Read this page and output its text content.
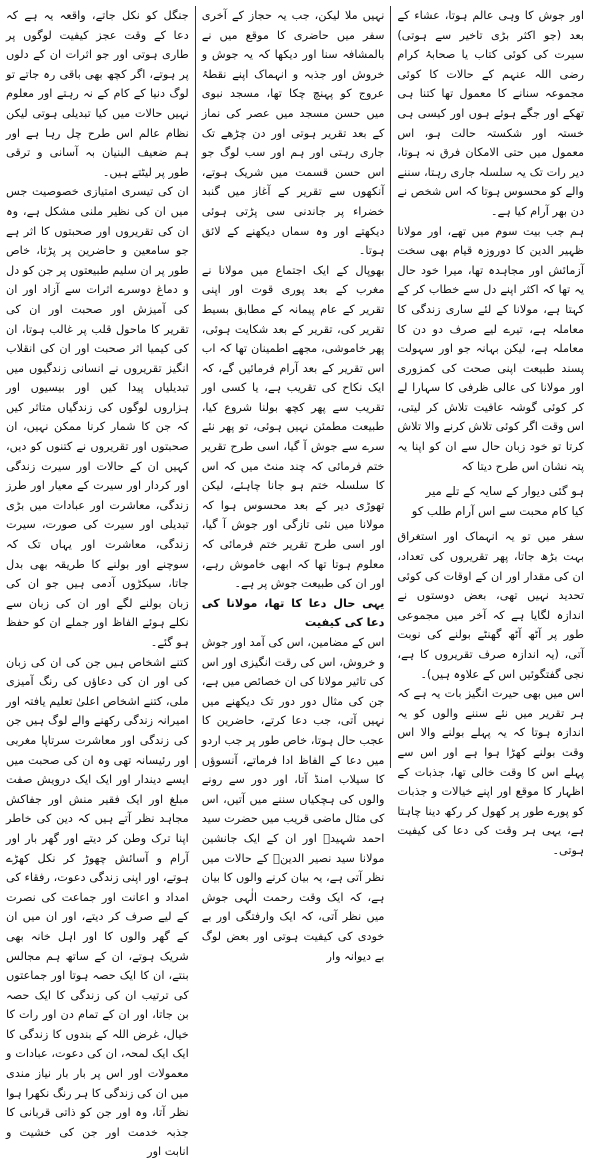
اور جوش کا وہی عالم ہوتا، عشاء کے بعد (جو اکثر بڑی تاخیر سے ہوتی) سیرت کی کوئی کتاب یا صحابۂ کرام رضی اللہ عنہم کے حالات کا کوئی مجموعہ سنانے کا معمول تھا کتنا ہی تھکے اور جگے ہوئے ہوں اور کیسی ہی خستہ اور شکستہ حالت ہو، اس معمول میں حتی الامکان فرق نہ ہوتا، دیر رات تک یہ سلسلہ جاری رہتا، سننے والے کو محسوس ہوتا کہ اس شخص نے دن بھر آرام کیا ہے۔

ہم جب بیت سوم میں تھے، اور مولانا ظہیر الدین کا دوروزہ قیام بھی سخت آزمائش اور مجاہدہ تھا، میرا خود حال یہ تھا کہ اکثر اپنے دل سے خطاب کر کے کہتا ہے، مولانا کے لئے ساری زندگی کا معاملہ ہے، تیرے لیے صرف دو دن کا معاملہ ہے، لیکن بہانہ جو اور سہولت پسند طبیعت اپنی صحت کی کمزوری اور مولانا کی عالی ظرفی کا سہارا لے کر کوئی گوشہ عافیت تلاش کر لیتی، اس وقت اگر کوئی تلاش کرنے والا تلاش کرتا تو خود زبان حال سے ان کو اپنا یہ پتہ نشان اس طرح دیتا کہ

ہو گئی دیوار کے سایہ کے تلے میر
کیا کام محبت سے اس آرام طلب کو

سفر میں تو یہ انہماک اور استغراق بہت بڑھ جاتا، پھر تقریروں کی تعداد، ان کی مقدار اور ان کے اوقات کی کوئی تحدید نہیں تھی، بعض دوستوں نے اندازہ لگایا ہے کہ آخر میں مجموعی طور پر آٹھ آٹھ گھنٹے بولنے کی نوبت آتی، (یہ اندازہ صرف تقریروں کا ہے، نجی گفتگوئیں اس کے علاوہ ہیں)۔

اس میں بھی حیرت انگیز بات یہ ہے کہ ہر تقریر میں نئے سننے والوں کو یہ اندازہ ہوتا کہ یہ پہلے بولنے والا اس وقت بولنے کھڑا ہوا ہے اور اس سے پہلے اس کا وقت خالی تھا، جذبات کے اظہار کا موقع اور اپنے خیالات و جذبات کو پورے طور پر کھول کر رکھ دینا چاہتا ہے، یہی ہر وقت کی دعا کی کیفیت ہوتی۔

نہیں ملا لیکن، جب یہ حجاز کے آخری سفر میں حاضری کا موقع میں نے بالمشافہ سنا اور دیکھا کہ یہ جوش و خروش اور جذبہ و انہماک اپنے نقطۂ عروج کو پہنچ چکا تھا، مسجد نبوی میں حسن مسجد میں عصر کی نماز کے بعد تقریر ہوتی اور دن چڑھے تک جاری رہتی اور ہم اور سب لوگ جو اس حسن قسمت میں شریک ہوتے، آنکھوں سے تقریر کے آغاز میں گنبد خضراء پر جاندنی سی پڑتی ہوئی دیکھتے اور وہ سماں دیکھنے کے لائق ہوتا۔

بھوپال کے ایک اجتماع میں مولانا نے مغرب کے بعد پوری قوت اور اپنی تقریر کے عام پیمانہ کے مطابق بسیط تقریر کی، تقریر کے بعد شکایت ہوئی، پھر خاموشی، مجھے اطمینان تھا کہ اب اس تقریر کے بعد آرام فرمائیں گے، کہ ایک نکاح کی تقریب ہے، یا کسی اور تقریب سے پھر کچھ بولنا شروع کیا، طبیعت مطمئن نہیں ہوئی، تو پھر نئے سرے سے جوش آ گیا، اسی طرح تقریر ختم فرمائی کہ چند منٹ میں کہ اس کا سلسلہ ختم ہو جانا چاہئے، لیکن تھوڑی دیر کے بعد محسوس ہوا کہ مولانا میں نئی تازگی اور جوش آ گیا، اور اسی طرح تقریر ختم فرمائی کہ معلوم ہوتا تھا کہ ابھی خاموش رہے، اور ان کی طبیعت جوش پر ہے۔

یہی حال دعا کا تھا، مولانا کی دعا کی کیفیت

اس کے مضامین، اس کی آمد اور جوش و خروش، اس کی رقت انگیزی اور اس کی تاثیر مولانا کی ان خصائص میں ہے، جن کی مثال دور دور تک دیکھنے میں نہیں آتی، جب دعا کرتے، حاضرین کا عجب حال ہوتا، خاص طور پر جب اردو میں دعا کے الفاظ ادا فرماتے، آنسوؤں کا سیلاب امنڈ آتا، اور دور سے رونے والوں کی ہچکیاں سننے میں آتیں، اس کی مثال ماضی قریب میں حضرت سید احمد شہیدؒ اور ان کے ایک جانشین مولانا سید نصیر الدینؒ کے حالات میں نظر آتی ہے، یہ بیان کرنے والوں کا بیان ہے، کہ ایک وقت رحمت الٰہی جوش میں نظر آتی، کہ ایک وارفتگی اور بے خودی کی کیفیت ہوتی اور بعض لوگ بے دیوانہ وار

جنگل کو نکل جاتے، واقعہ یہ ہے کہ دعا کے وقت عجز کیفیت لوگوں پر طاری ہوتی اور جو اثرات ان کے دلوں پر ہوتے، اگر کچھ بھی باقی رہ جاتے تو لوگ دنیا کے کام کے نہ رہتے اور معلوم نہیں حالات میں کیا تبدیلی ہوتی لیکن نظام عالم اس طرح چل رہا ہے اور ہم ضعیف البنیان بہ آسانی و ترقی طور پر لیٹتے ہیں۔

ان کی تیسری امتیازی خصوصیت جس میں ان کی نظیر ملنی مشکل ہے، وہ ان کی تقریروں اور صحبتوں کا اثر ہے جو سامعین و حاضرین پر پڑتا، خاص طور پر ان سلیم طبیعتوں پر جن کو دل و دماغ دوسرے اثرات سے آزاد اور ان کی آمیزش اور صحبت اور ان کی تقریر کا ماحول قلب پر غالب ہوتا، ان کی کیمیا اثر صحبت اور ان کی انقلاب انگیز تقریروں نے انسانی زندگیوں میں تبدیلیاں پیدا کیں اور بیسیوں اور ہزاروں لوگوں کی زندگیاں متاثر کیں کہ جن کا شمار کرنا ممکن نہیں، ان صحبتوں اور تقریروں نے کتنوں کو دیں، کہیں ان کے حالات اور سیرت زندگی اور کردار اور سیرت کے معیار اور طرز زندگی، معاشرت اور عبادات میں بڑی تبدیلی اور سیرت کی صورت، سیرت زندگی، معاشرت اور یہاں تک کہ سوچنے اور بولنے کا طریقہ بھی بدل جاتا، سیکڑوں آدمی ہیں جو ان کی زبان بولنے لگے اور ان کی زبان سے نکلے ہوئے الفاظ اور جملے ان کو حفظ ہو گئے۔

کتنے اشخاص ہیں جن کی ان کی زبان کی اور ان کی دعاؤں کی رنگ آمیزی ملی، کتنے اشخاص اعلیٰ تعلیم یافتہ اور امیرانہ زندگی رکھنے والے لوگ ہیں جن کی زندگی اور معاشرت سرتاپا مغربی اور رئیسانہ تھی وہ ان کی صحبت میں ایسے دیندار اور ایک ایک درویش صفت مبلغ اور ایک فقیر منش اور جفاکش مجاہد نظر آتے ہیں کہ دین کی خاطر اپنا ترک وطن کر دیتے اور گھر بار اور آرام و آسائش چھوڑ کر نکل کھڑے ہوتے، اور اپنی زندگی دعوت، رفقاء کی امداد و اعانت اور جماعت کی نصرت کے لیے صرف کر دیتے، اور ان میں ان کے گھر والوں کا اور اہل خانہ بھی شریک ہوتے، ان کے ساتھ ہم مجالس بنتے، ان کا ایک حصہ ہوتا اور جماعتوں کی ترتیب ان کی زندگی کا ایک حصہ بن جاتا، اور ان کے تمام دن اور رات کا خیال، غرض اللہ کے بندوں کا زندگی کا ایک ایک لمحہ، ان کی دعوت، عبادات و معمولات اور اس پر بار بار نیاز مندی میں ان کی زندگی کا ہر رنگ نکھرا ہوا نظر آتا، وہ اور جن کو ذاتی قربانی کا جذبہ خدمت اور جن کی خشیت و انابت اور
